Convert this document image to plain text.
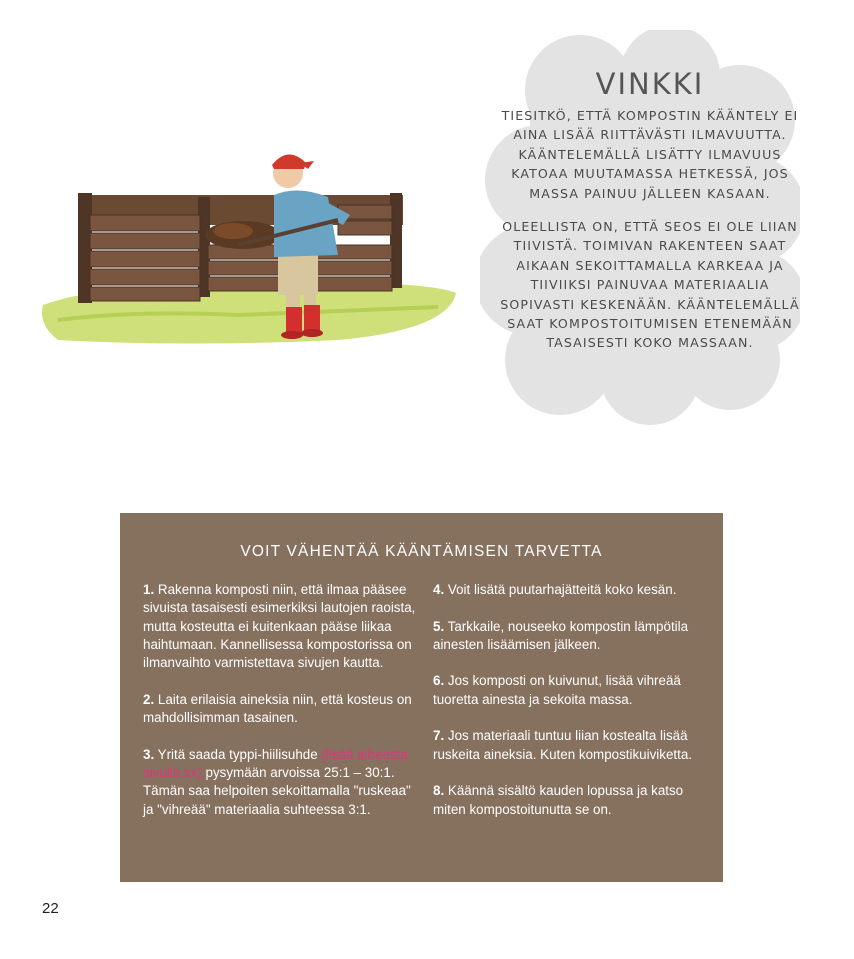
VINKKI

TIESITKÖ, ETTÄ KOMPOSTIN KÄÄNTELY EI AINA LISÄÄ RIITTÄVÄSTI ILMAVUUTTA. KÄÄNTELEMÄLLÄ LISÄTTY ILMAVUUS KATOAA MUUTAMASSA HETKESSÄ, JOS MASSA PAINUU JÄLLEEN KASAAN.

OLEELLISTA ON, ETTÄ SEOS EI OLE LIIAN TIIVISTÄ. TOIMIVAN RAKENTEEN SAAT AIKAAN SEKOITTAMALLA KARKEAA JA TIIVIIKSI PAINUVAA MATERIAALIA SOPIVASTI KESKENÄÄN. KÄÄNTELEMÄLLÄ SAAT KOMPOSTOITUMISEN ETENEMÄÄN TASAISESTI KOKO MASSAAN.

VOIT VÄHENTÄÄ KÄÄNTÄMISEN TARVETTA
1. Rakenna komposti niin, että ilmaa pääsee sivuista tasaisesti esimerkiksi lautojen raoista, mutta kosteutta ei kuitenkaan pääse liikaa haihtumaan. Kannellisessa kompostorissa on ilmanvaihto varmistettava sivujen kautta.
2. Laita erilaisia aineksia niin, että kosteus on mahdollisimman tasainen.
3. Yritä saada typpi-hiilisuhde (lisää aiheesta sivulla xx) pysymään arvoissa 25:1 – 30:1. Tämän saa helpoiten sekoittamalla "ruskeaa" ja "vihreää" materiaalia suhteessa 3:1.
4. Voit lisätä puutarhajätteitä koko kesän.
5. Tarkkaile, nouseeko kompostin lämpötila ainesten lisäämisen jälkeen.
6. Jos komposti on kuivunut, lisää vihreää tuoretta ainesta ja sekoita massa.
7. Jos materiaali tuntuu liian kostealta lisää ruskeita aineksia. Kuten kompostikuiviketta.
8. Käännä sisältö kauden lopussa ja katso miten kompostoitunutta se on.
22
